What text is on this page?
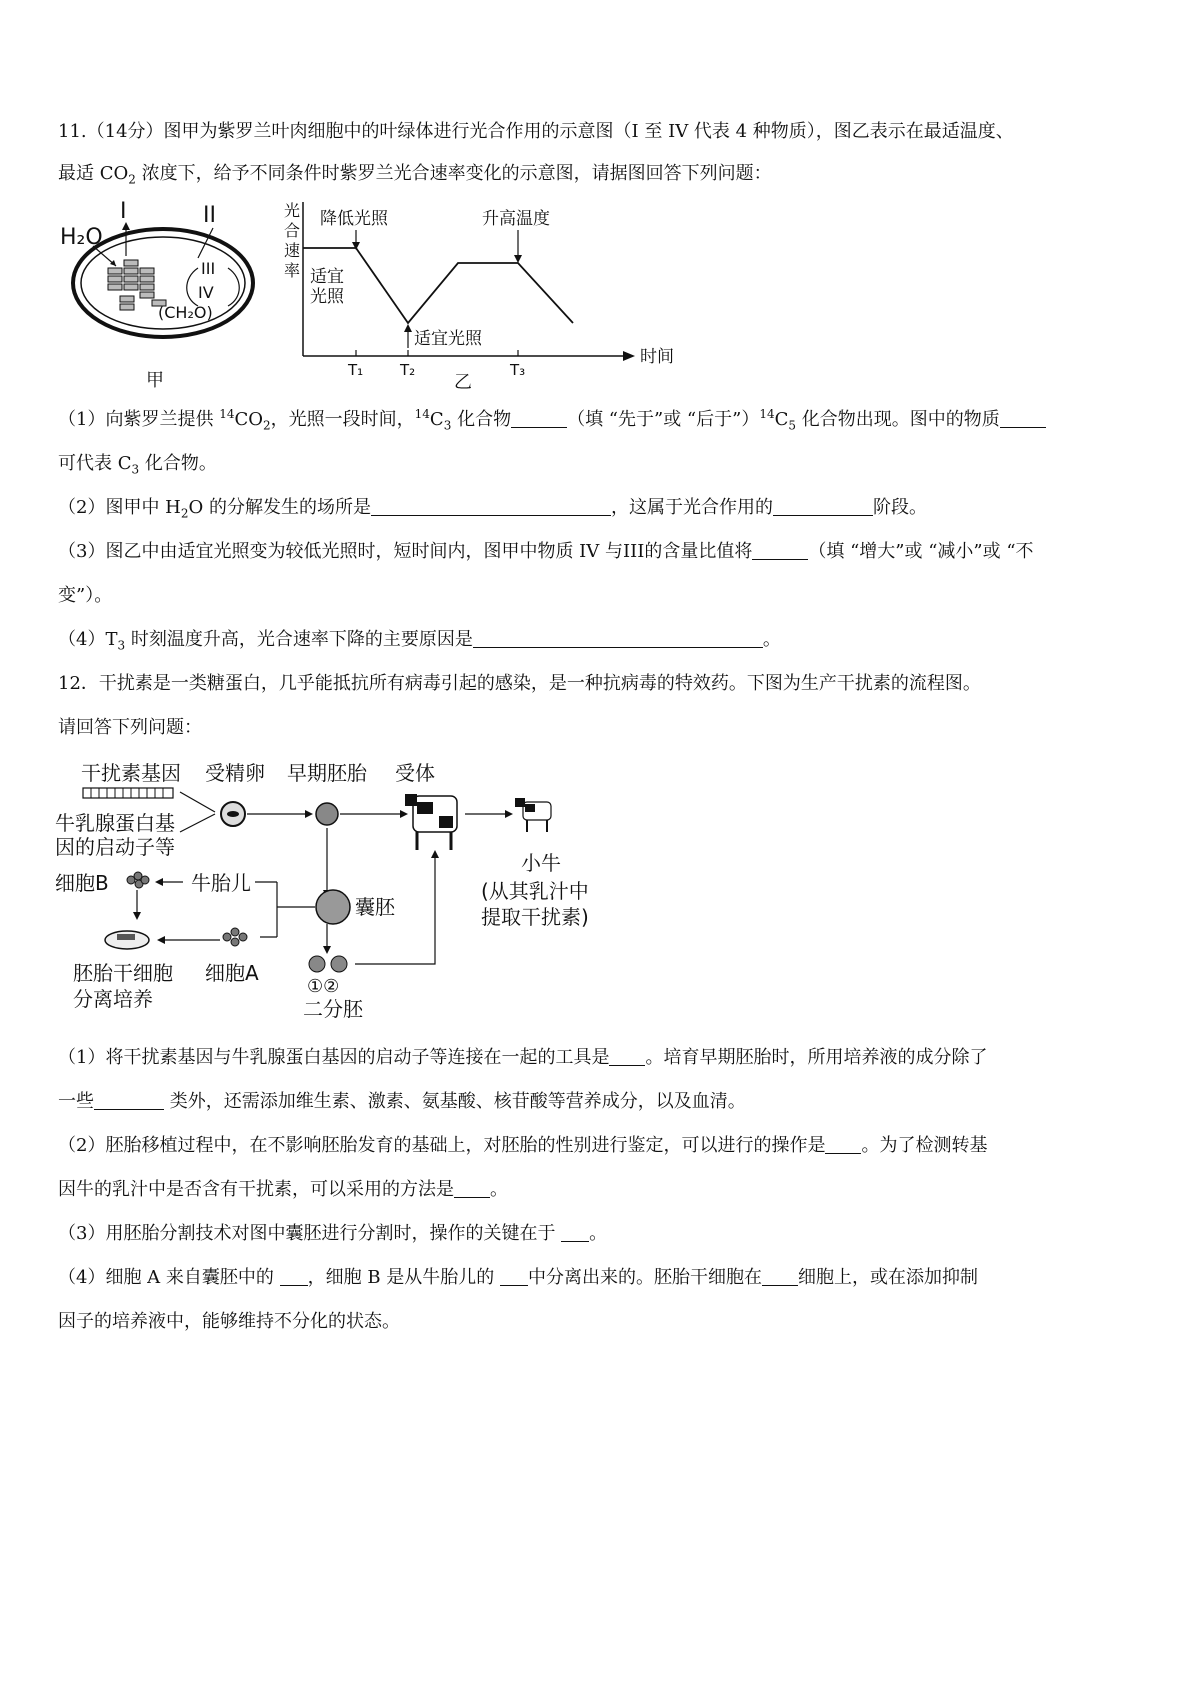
11.（14分）图甲为紫罗兰叶肉细胞中的叶绿体进行光合作用的示意图（I 至 IV 代表 4 种物质），图乙表示在最适温度、
最适 $CO_2$ 浓度下，给予不同条件时紫罗兰光合速率变化的示意图，请据图回答下列问题：
H₂O
I	II
III
IV
(CH₂O)
甲
光
合
速
率
降低光照	升高温度
适宜
光照
适宜光照
时间
T₁ T₂	T₃
乙
（1）向紫罗兰提供 $^{14}CO_2$，光照一段时间，$^{14}C_3$ 化合物	（填 “先于”或 “后于$”)^{14}C_5$ 化合物出现。图中的物质
可代表 $C_3$ 化合物。
（2）图甲中 $H_2O$ 的分解发生的场所是	，这属于光合作用的	阶段。
（3）图乙中由适宜光照变为较低光照时，短时间内，图甲中物质 IV 与III的含量比值将	（填 “增大”或 “减小”或 “不
变”）。
$(4)T_3$ 时刻温度升高，光合速率下降的主要原因是	。
12．干扰素是一类糖蛋白，几乎能抵抗所有病毒引起的感染，是一种抗病毒的特效药。下图为生产干扰素的流程图。
请回答下列问题：
干扰素基因
牛乳腺蛋白基
因的启动子等
受精卵 早期胚胎 受体
小牛
(从其乳汁中
提取干扰素)
囊胚
牛胎儿
细胞B
细胞A
胚胎干细胞
分离培养
①②
二分胚
（1）将干扰素基因与牛乳腺蛋白基因的启动子等连接在一起的工具是 。培育早期胚胎时，所用培养液的成分除了
一些	类外，还需添加维生素、激素、氨基酸、核苷酸等营养成分，以及血清。
（2）胚胎移植过程中，在不影响胚胎发育的基础上，对胚胎的性别进行鉴定，可以进行的操作是 。为了检测转基
因牛的乳汁中是否含有干扰素，可以采用的方法是 。
（3）用胚胎分割技术对图中囊胚进行分割时，操作的关键在于 。
（4）细胞 A 来自囊胚中的 ，细胞 B 是从牛胎儿的 中分离出来的。胚胎干细胞在 细胞上，或在添加抑制
因子的培养液中，能够维持不分化的状态。
